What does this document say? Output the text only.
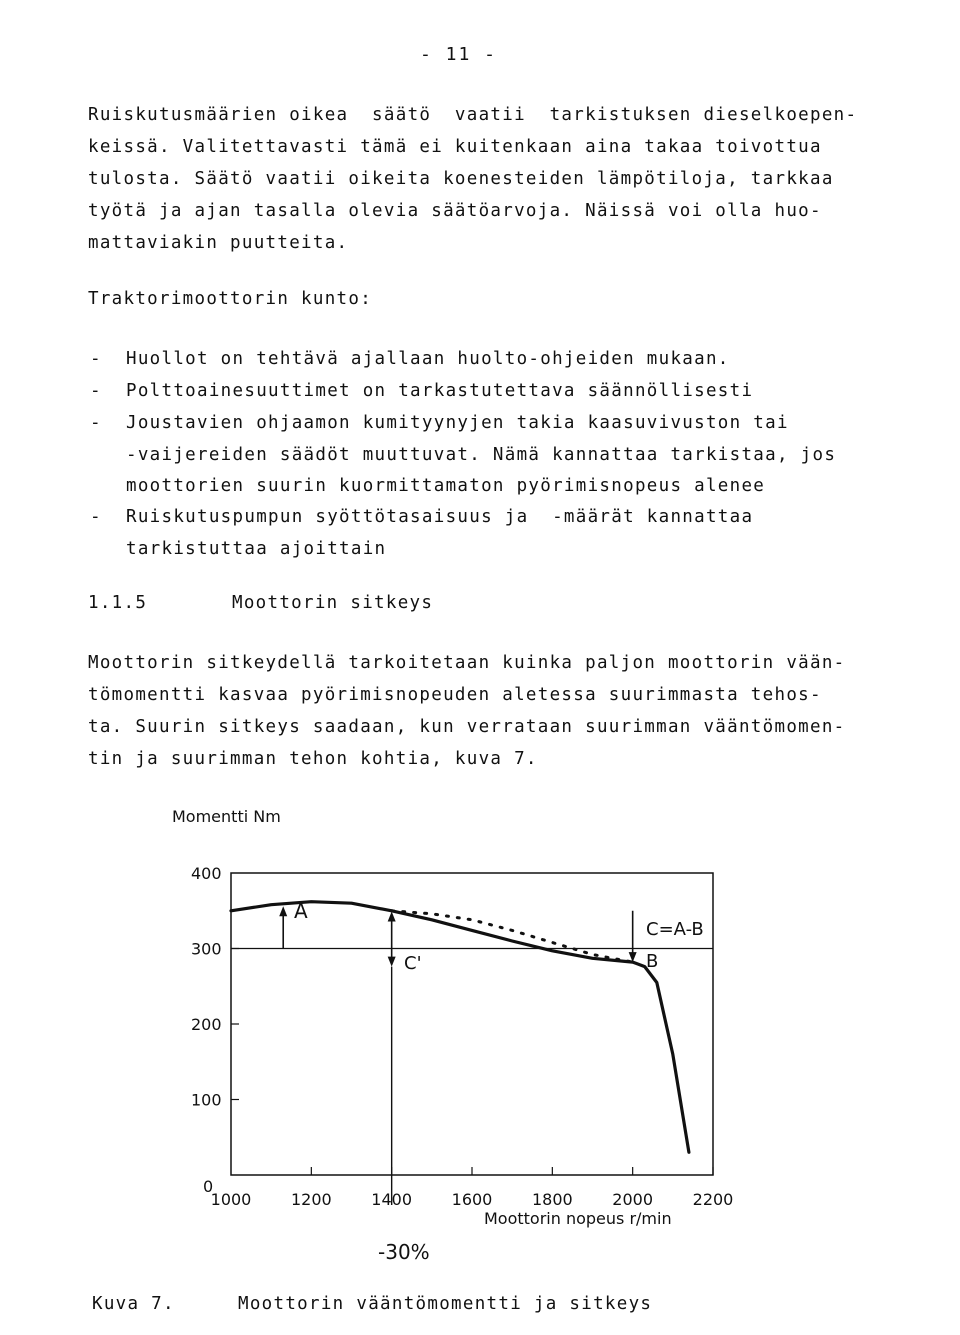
- 11 -
Ruiskutusmäärien oikea  säätö  vaatii  tarkistuksen dieselkoepen-
keissä. Valitettavasti tämä ei kuitenkaan aina takaa toivottua
tulosta. Säätö vaatii oikeita koenesteiden lämpötiloja, tarkkaa
työtä ja ajan tasalla olevia säätöarvoja. Näissä voi olla huo-
mattaviakin puutteita.
Traktorimoottorin kunto:
- Huollot on tehtävä ajallaan huolto-ohjeiden mukaan.
- Polttoainesuuttimet on tarkastutettava säännöllisesti
- Joustavien ohjaamon kumityynyjen takia kaasuvivuston tai
-vaijereiden säädöt muuttuvat. Nämä kannattaa tarkistaa, jos
moottorien suurin kuormittamaton pyörimisnopeus alenee
- Ruiskutuspumpun syöttötasaisuus ja  -määrät kannattaa
tarkistuttaa ajoittain
1.1.5	Moottorin sitkeys
Moottorin sitkeydellä tarkoitetaan kuinka paljon moottorin vään-
tömomentti kasvaa pyörimisnopeuden aletessa suurimmasta tehos-
ta. Suurin sitkeys saadaan, kun verrataan suurimman vääntömomen-
tin ja suurimman tehon kohtia, kuva 7.
Momentti Nm
Moottorin nopeus r/min
400
300
200
100
0
1000 1200 1400 1600 1800 2000 2200
A
C'
C=A-B
B
-30%
Kuva 7.	Moottorin vääntömomentti ja sitkeys
